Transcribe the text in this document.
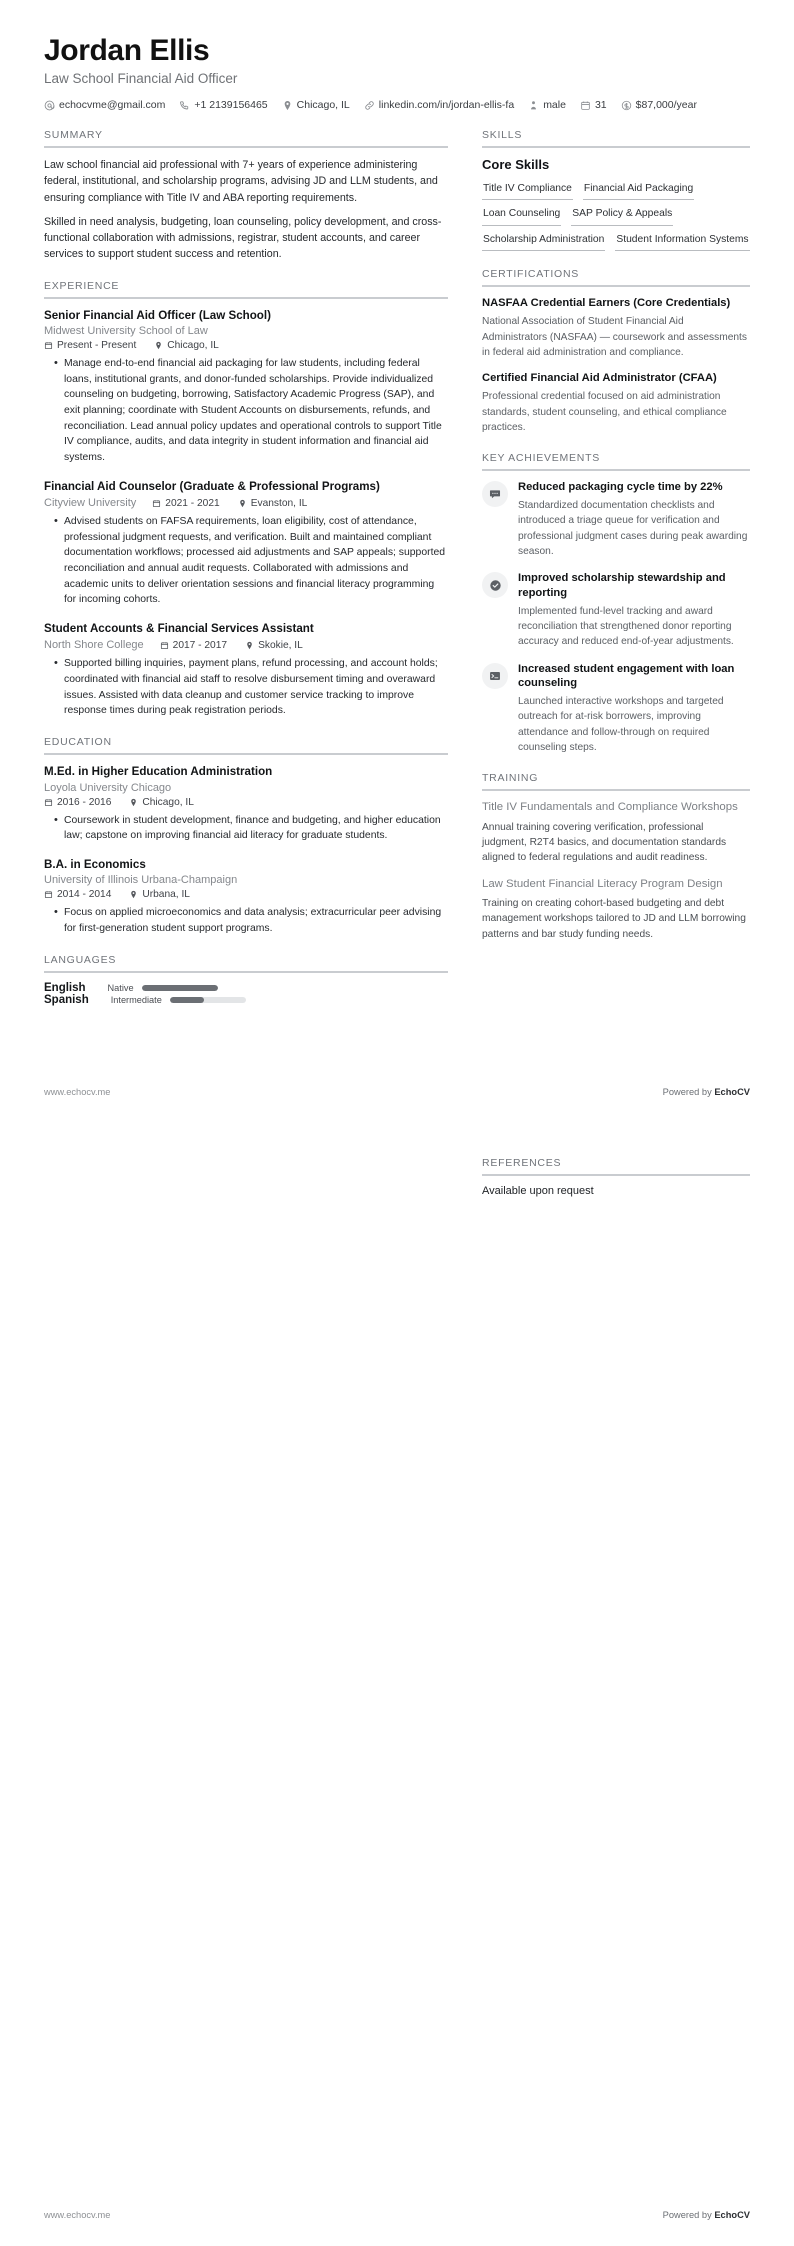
Jordan Ellis
Law School Financial Aid Officer
echocvme@gmail.com	+1 2139156465	Chicago, IL	linkedin.com/in/jordan-ellis-fa	male	31	$87,000/year
SUMMARY

Law school financial aid professional with 7+ years of experience administering federal, institutional, and scholarship programs, advising JD and LLM students, and ensuring compliance with Title IV and ABA reporting requirements.

Skilled in need analysis, budgeting, loan counseling, policy development, and cross-functional collaboration with admissions, registrar, student accounts, and career services to support student success and retention.

EXPERIENCE
Senior Financial Aid Officer (Law School)
Midwest University School of Law
Present - Present	Chicago, IL
• Manage end-to-end financial aid packaging for law students, including federal loans, institutional grants, and donor-funded scholarships. Provide individualized counseling on budgeting, borrowing, Satisfactory Academic Progress (SAP), and exit planning; coordinate with Student Accounts on disbursements, refunds, and reconciliation. Lead annual policy updates and operational controls to support Title IV compliance, audits, and data integrity in student information and financial aid systems.
Financial Aid Counselor (Graduate & Professional Programs)
Cityview University	2021 - 2021	Evanston, IL
• Advised students on FAFSA requirements, loan eligibility, cost of attendance, professional judgment requests, and verification. Built and maintained compliant documentation workflows; processed aid adjustments and SAP appeals; supported reconciliation and annual audit requests. Collaborated with admissions and academic units to deliver orientation sessions and financial literacy programming for incoming cohorts.
Student Accounts & Financial Services Assistant
North Shore College	2017 - 2017	Skokie, IL
• Supported billing inquiries, payment plans, refund processing, and account holds; coordinated with financial aid staff to resolve disbursement timing and overaward issues. Assisted with data cleanup and customer service tracking to improve response times during peak registration periods.
EDUCATION
M.Ed. in Higher Education Administration
Loyola University Chicago
2016 - 2016	Chicago, IL
• Coursework in student development, finance and budgeting, and higher education law; capstone on improving financial aid literacy for graduate students.
B.A. in Economics
University of Illinois Urbana-Champaign
2014 - 2014	Urbana, IL
• Focus on applied microeconomics and data analysis; extracurricular peer advising for first-generation student support programs.
LANGUAGES
English Native
Spanish Intermediate
SKILLS
Core Skills
Title IV Compliance Financial Aid Packaging
Loan Counseling SAP Policy & Appeals
Scholarship Administration Student Information Systems
CERTIFICATIONS
NASFAA Credential Earners (Core Credentials)
National Association of Student Financial Aid Administrators (NASFAA) — coursework and assessments in federal aid administration and compliance.
Certified Financial Aid Administrator (CFAA)
Professional credential focused on aid administration standards, student counseling, and ethical compliance practices.
KEY ACHIEVEMENTS
Reduced packaging cycle time by 22%
Standardized documentation checklists and introduced a triage queue for verification and professional judgment cases during peak awarding season.
Improved scholarship stewardship and reporting
Implemented fund-level tracking and award reconciliation that strengthened donor reporting accuracy and reduced end-of-year adjustments.
Increased student engagement with loan counseling
Launched interactive workshops and targeted outreach for at-risk borrowers, improving attendance and follow-through on required counseling steps.
TRAINING
Title IV Fundamentals and Compliance Workshops
Annual training covering verification, professional judgment, R2T4 basics, and documentation standards aligned to federal regulations and audit readiness.
Law Student Financial Literacy Program Design
Training on creating cohort-based budgeting and debt management workshops tailored to JD and LLM borrowing patterns and bar study funding needs.
www.echocv.me	Powered by EchoCV
REFERENCES
Available upon request
www.echocv.me	Powered by EchoCV
